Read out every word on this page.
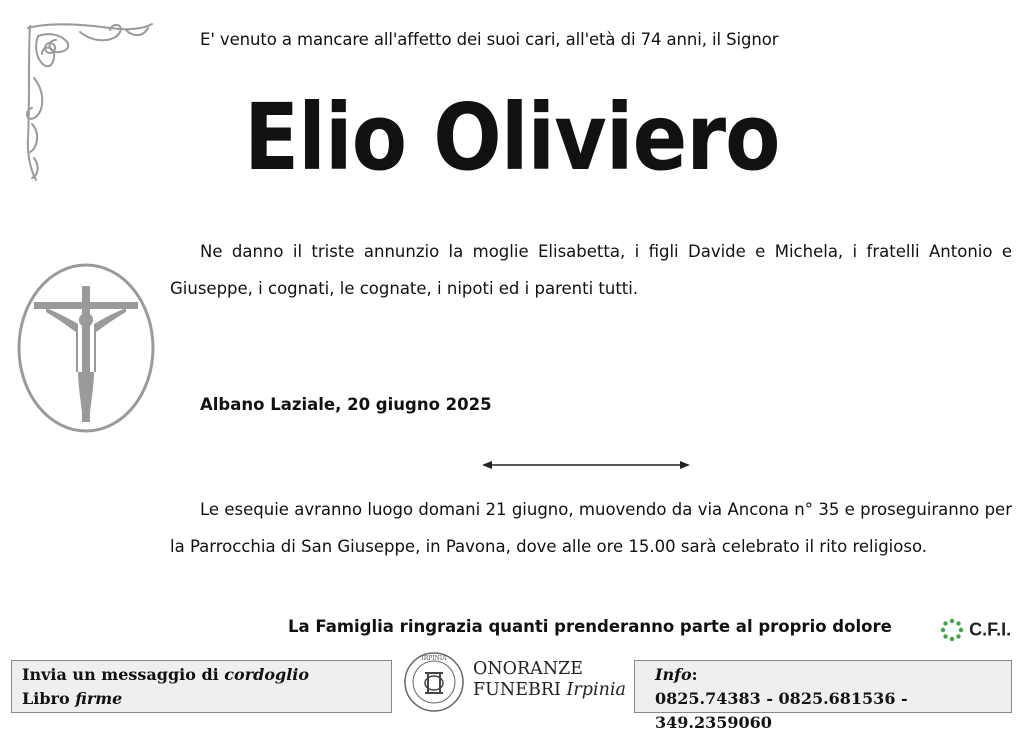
E' venuto a mancare all'affetto dei suoi cari, all'età di 74 anni, il Signor
Elio Oliviero

Ne danno il triste annunzio la moglie Elisabetta, i figli Davide e Michela, i fratelli Antonio e Giuseppe, i cognati, le cognate, i nipoti ed i parenti tutti.

Albano Laziale, 20 giugno 2025

Le esequie avranno luogo domani 21 giugno, muovendo da via Ancona n° 35 e proseguiranno per la Parrocchia di San Giuseppe, in Pavona, dove alle ore 15.00 sarà celebrato il rito religioso.

La Famiglia ringrazia quanti prenderanno parte al proprio dolore	C.F.I.
Invia un messaggio di cordoglio
Libro firme
IRPINIA
ONORANZE
FUNEBRI Irpinia
Info:
0825.74383 - 0825.681536 - 349.2359060
